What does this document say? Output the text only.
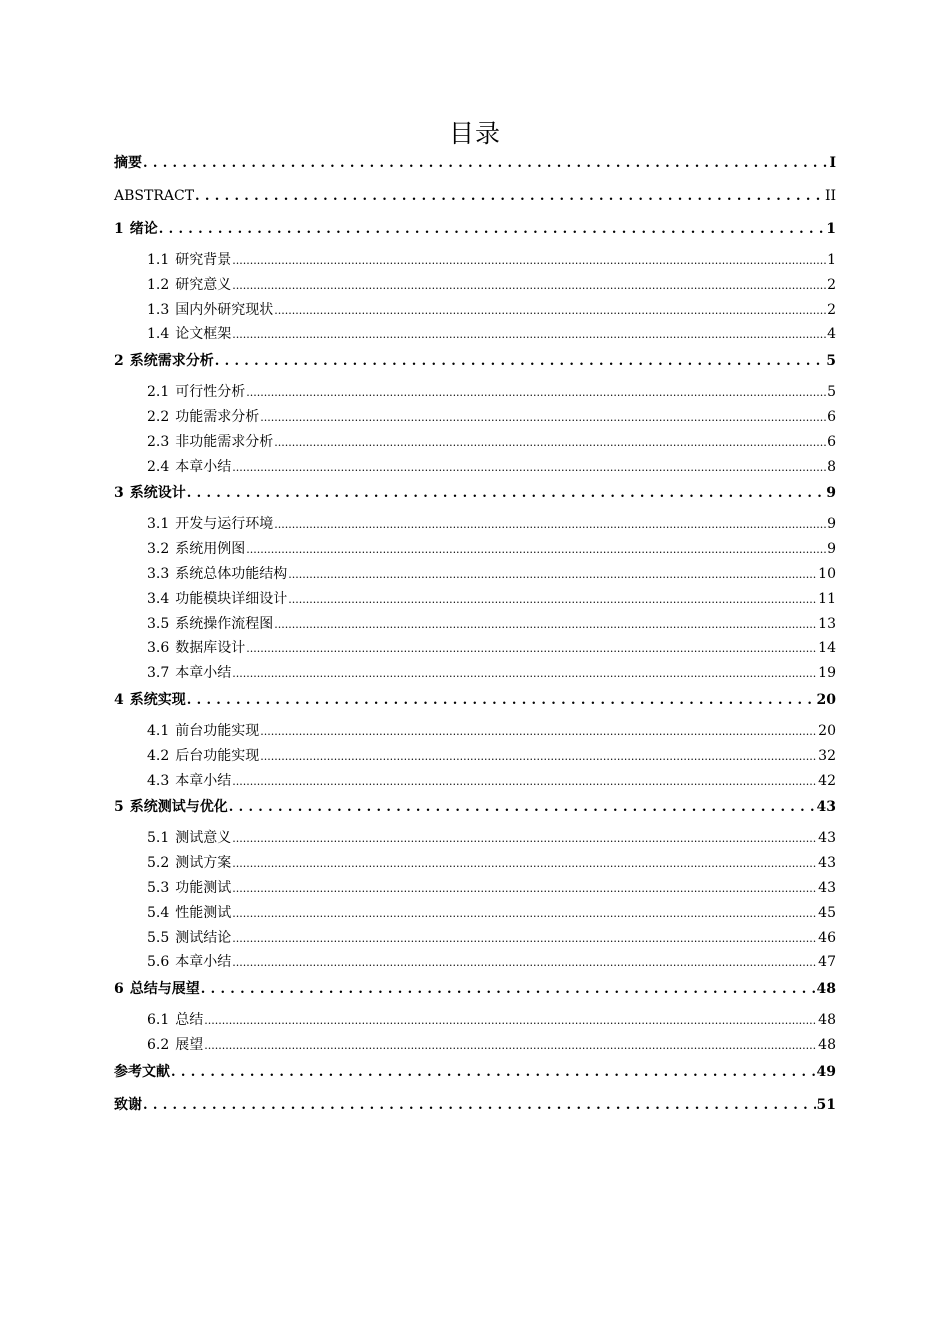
目录
摘要 . . .	I
ABSTRACT . . .	II
1 绪论 . . .	1
1.1 研究背景 .....	1
1.2 研究意义 .....	2
1.3 国内外研究现状 .....	2
1.4 论文框架 .....	4
2 系统需求分析 . . .	5
2.1 可行性分析 .....	5
2.2 功能需求分析 .....	6
2.3 非功能需求分析 .....	6
2.4 本章小结 .....	8
3 系统设计 . . .	9
3.1 开发与运行环境 .....	9
3.2 系统用例图 .....	9
3.3 系统总体功能结构 .....	10
3.4 功能模块详细设计 .....	11
3.5 系统操作流程图 .....	13
3.6 数据库设计 .....	14
3.7 本章小结 .....	19
4 系统实现 . . .	20
4.1 前台功能实现 .....	20
4.2 后台功能实现 .....	32
4.3 本章小结 .....	42
5 系统测试与优化 . . .	43
5.1 测试意义 .....	43
5.2 测试方案 .....	43
5.3 功能测试 .....	43
5.4 性能测试 .....	45
5.5 测试结论 .....	46
5.6 本章小结 .....	47
6 总结与展望 . . .	48
6.1 总结 .....	48
6.2 展望 .....	48
参考文献 . . .	49
致谢 . . .	51
